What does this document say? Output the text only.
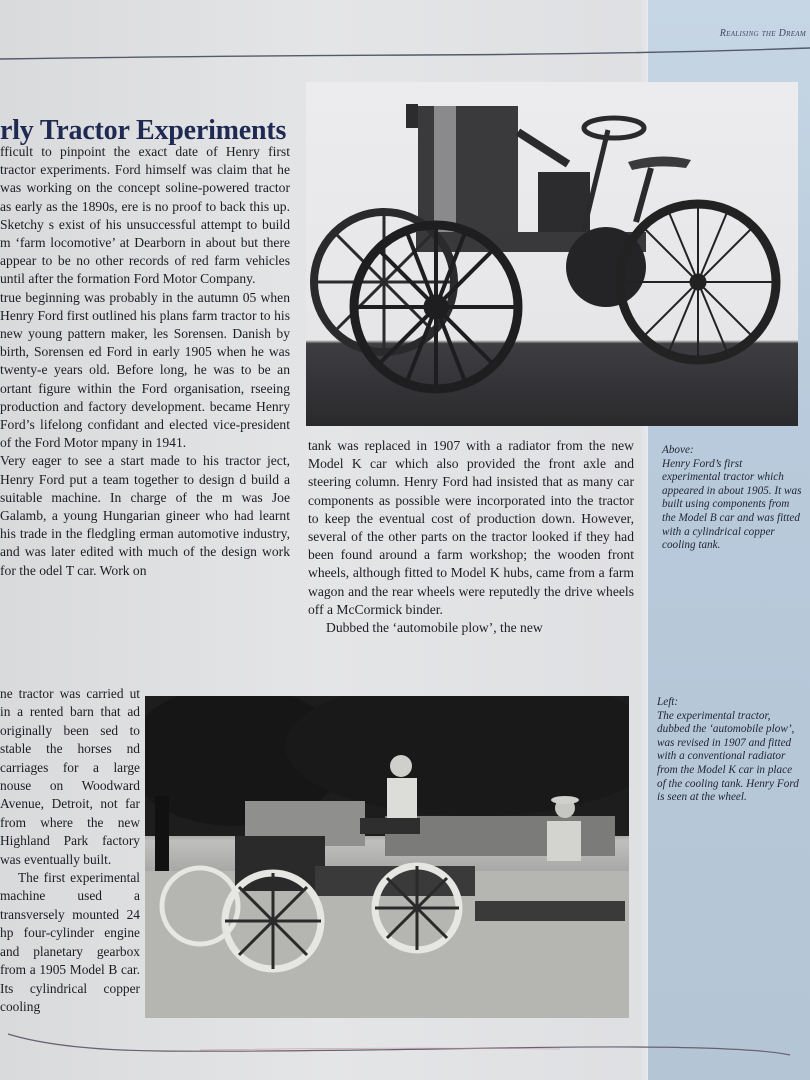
Realising the Dream
rly Tractor Experiments

fficult to pinpoint the exact date of Henry first tractor experiments. Ford himself was claim that he was working on the concept soline-powered tractor as early as the 1890s, ere is no proof to back this up. Sketchy s exist of his unsuccessful attempt to build m ‘farm locomotive’ at Dearborn in about but there appear to be no other records of red farm vehicles until after the formation Ford Motor Company.

true beginning was probably in the autumn 05 when Henry Ford first outlined his plans farm tractor to his new young pattern maker, les Sorensen. Danish by birth, Sorensen ed Ford in early 1905 when he was twenty-e years old. Before long, he was to be an ortant figure within the Ford organisation, rseeing production and factory development. became Henry Ford’s lifelong confidant and elected vice-president of the Ford Motor mpany in 1941.

Very eager to see a start made to his tractor ject, Henry Ford put a team together to design d build a suitable machine. In charge of the m was Joe Galamb, a young Hungarian gineer who had learnt his trade in the fledgling erman automotive industry, and was later edited with much of the design work for the odel T car. Work on

ne tractor was carried ut in a rented barn that ad originally been sed to stable the horses nd carriages for a large nouse on Woodward Avenue, Detroit, not far from where the new Highland Park factory was eventually built.

The first experimental machine used a transversely mounted 24 hp four-cylinder engine and planetary gearbox from a 1905 Model B car. Its cylindrical copper cooling

tank was replaced in 1907 with a radiator from the new Model K car which also provided the front axle and steering column. Henry Ford had insisted that as many car components as possible were incorporated into the tractor to keep the eventual cost of production down. However, several of the other parts on the tractor looked if they had been found around a farm workshop; the wooden front wheels, although fitted to Model K hubs, came from a farm wagon and the rear wheels were reputedly the drive wheels off a McCormick binder.

Dubbed the ‘automobile plow’, the new

Above:
Henry Ford’s first experimental tractor which appeared in about 1905. It was built using components from the Model B car and was fitted with a cylindrical copper cooling tank.
Left:
The experimental tractor, dubbed the ‘automobile plow’, was revised in 1907 and fitted with a conventional radiator from the Model K car in place of the cooling tank. Henry Ford is seen at the wheel.
